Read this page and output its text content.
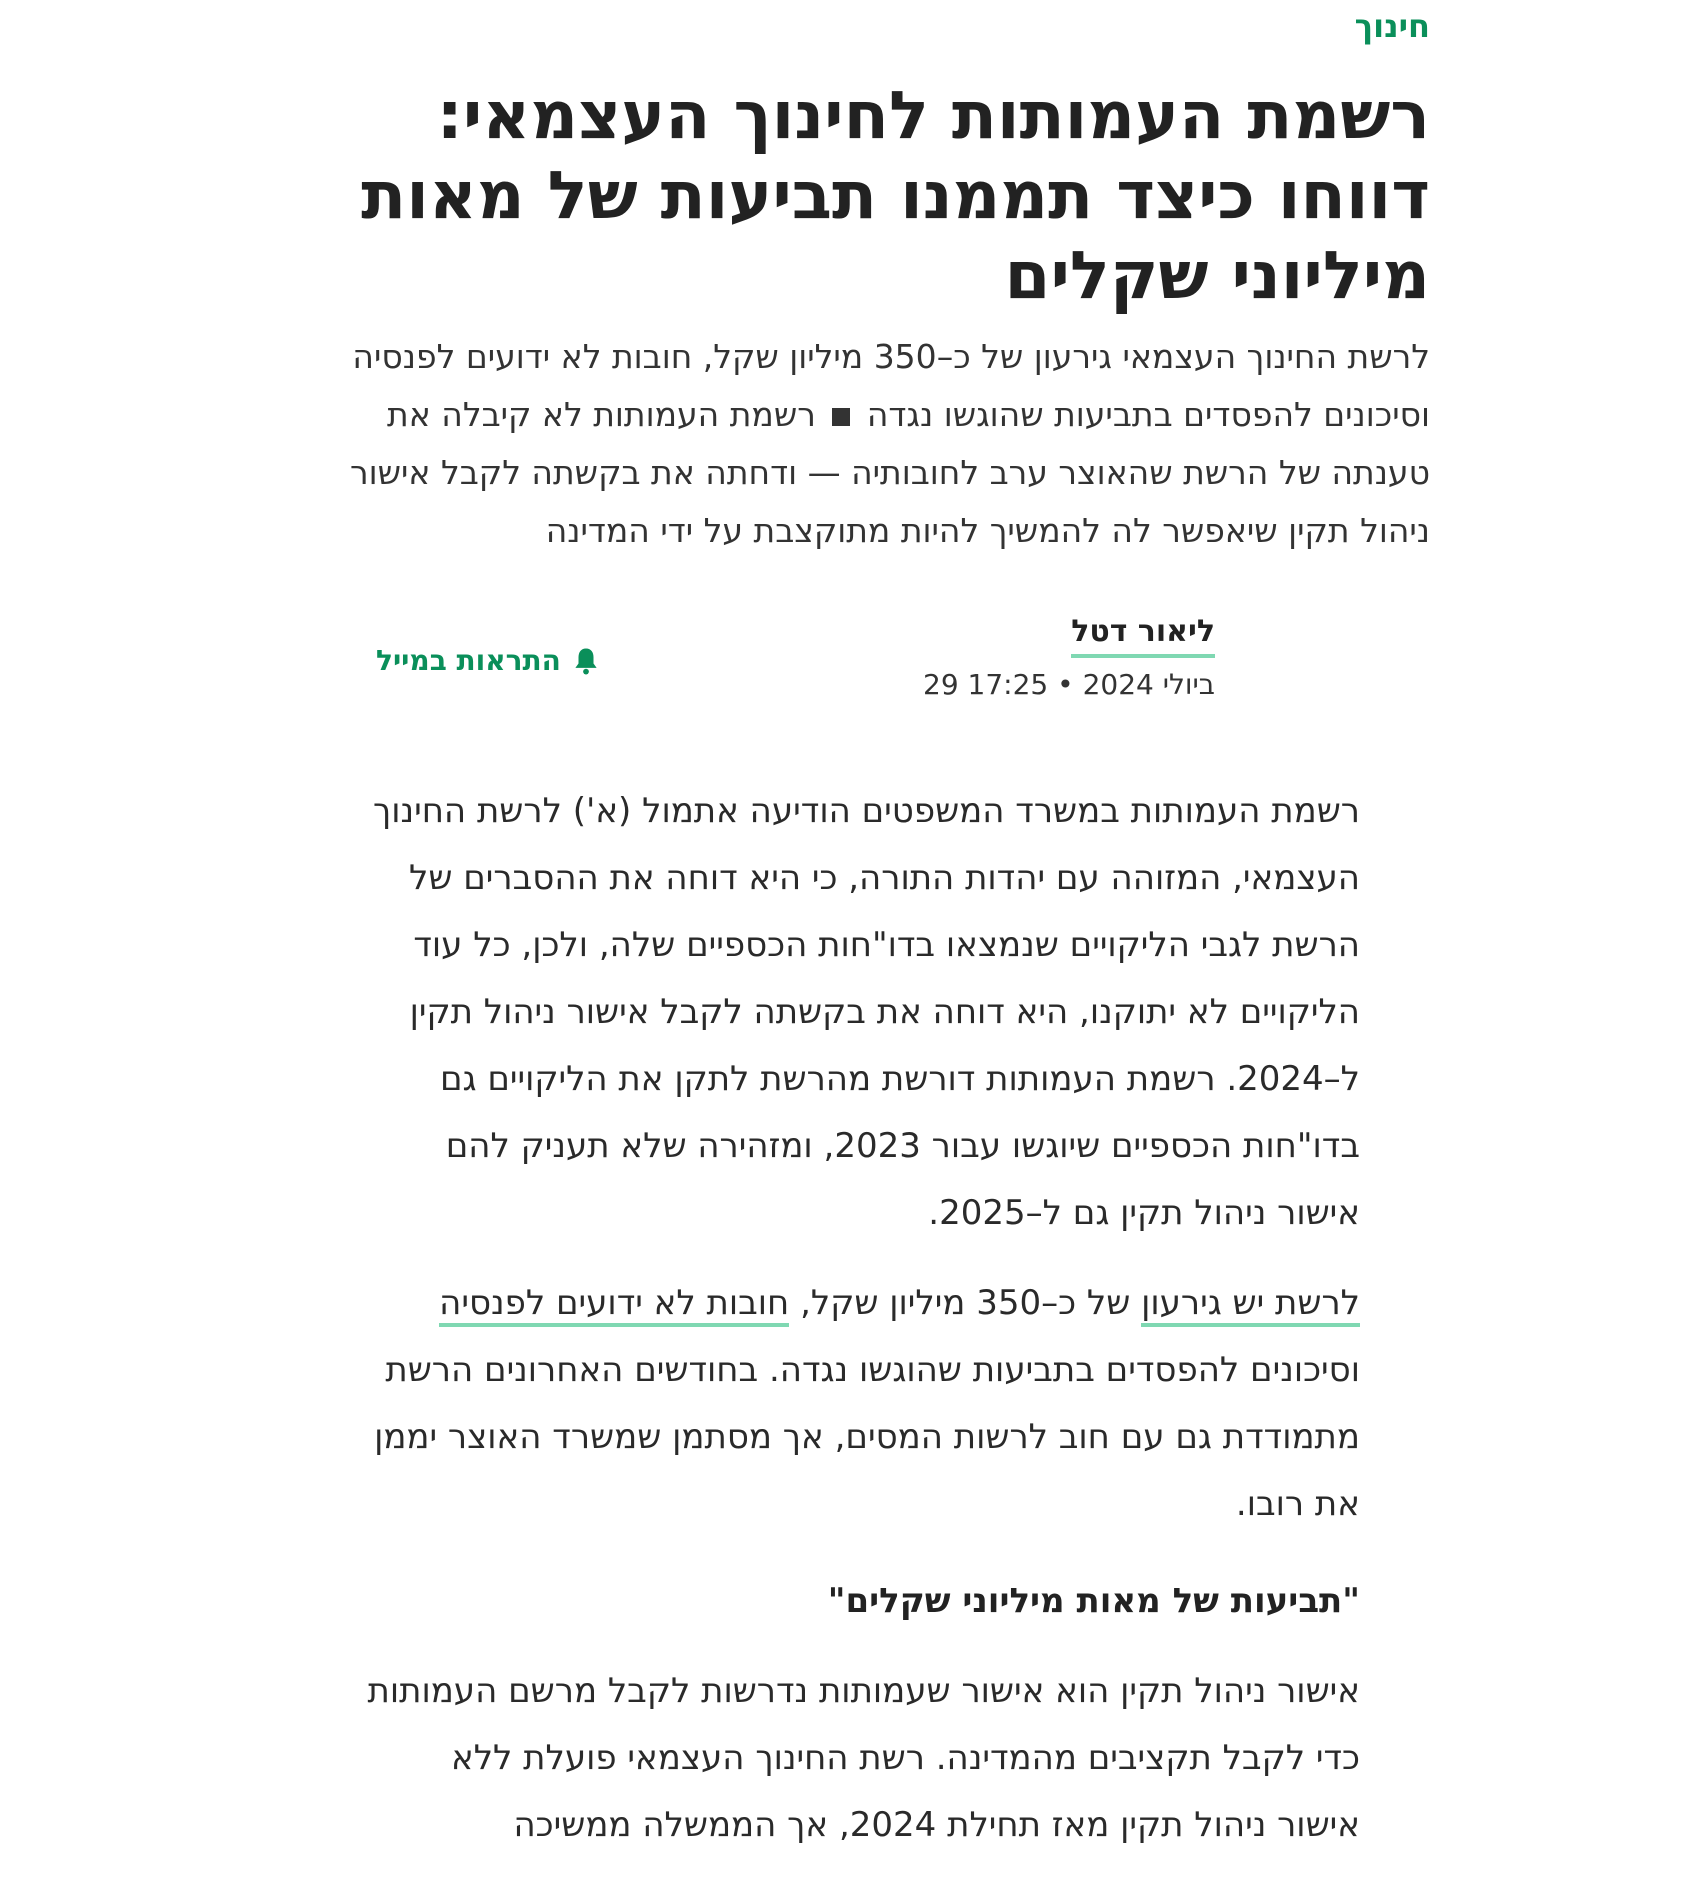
חינוך
רשמת העמותות לחינוך העצמאי: דווחו כיצד תממנו תביעות של מאות מיליוני שקלים

לרשת החינוך העצמאי גירעון של כ–350 מיליון שקל, חובות לא ידועים לפנסיה וסיכונים להפסדים בתביעות שהוגשו נגדה  רשמת העמותות לא קיבלה את טענתה של הרשת שהאוצר ערב לחובותיה — ודחתה את בקשתה לקבל אישור ניהול תקין שיאפשר לה להמשיך להיות מתוקצבת על ידי המדינה

ליאור דטל
29 ביולי 2024 • 17:25
התראות במייל

רשמת העמותות במשרד המשפטים הודיעה אתמול (א') לרשת החינוך העצמאי, המזוהה עם יהדות התורה, כי היא דוחה את ההסברים של הרשת לגבי הליקויים שנמצאו בדו"חות הכספיים שלה, ולכן, כל עוד הליקויים לא יתוקנו, היא דוחה את בקשתה לקבל אישור ניהול תקין ל–2024. רשמת העמותות דורשת מהרשת לתקן את הליקויים גם בדו"חות הכספיים שיוגשו עבור 2023, ומזהירה שלא תעניק להם אישור ניהול תקין גם ל–2025.

לרשת יש גירעון של כ–350 מיליון שקל, חובות לא ידועים לפנסיה וסיכונים להפסדים בתביעות שהוגשו נגדה. בחודשים האחרונים הרשת מתמודדת גם עם חוב לרשות המסים, אך מסתמן שמשרד האוצר יממן את רובו.

"תביעות של מאות מיליוני שקלים"

אישור ניהול תקין הוא אישור שעמותות נדרשות לקבל מרשם העמותות כדי לקבל תקציבים מהמדינה. רשת החינוך העצמאי פועלת ללא אישור ניהול תקין מאז תחילת 2024, אך הממשלה ממשיכה
